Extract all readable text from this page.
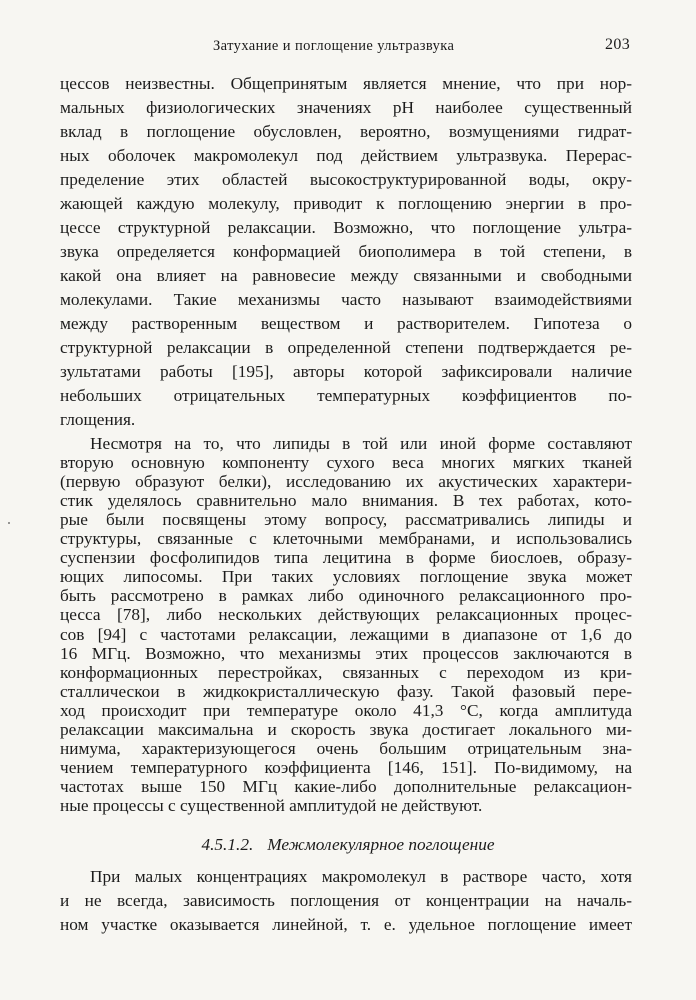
Затухание и поглощение ультразвука	203
цессов неизвестны. Общепринятым является мнение, что при нор-
мальных физиологических значениях pH наиболее существенный
вклад в поглощение обусловлен, вероятно, возмущениями гидрат-
ных оболочек макромолекул под действием ультразвука. Перерас-
пределение этих областей высокоструктурированной воды, окру-
жающей каждую молекулу, приводит к поглощению энергии в про-
цессе структурной релаксации. Возможно, что поглощение ультра-
звука определяется конформацией биополимера в той степени, в
какой она влияет на равновесие между связанными и свободными
молекулами. Такие механизмы часто называют взаимодействиями
между растворенным веществом и растворителем. Гипотеза о
структурной релаксации в определенной степени подтверждается ре-
зультатами работы [195], авторы которой зафиксировали наличие
небольших отрицательных температурных коэффициентов по-
глощения.
Несмотря на то, что липиды в той или иной форме составляют
вторую основную компоненту сухого веса многих мягких тканей
(первую образуют белки), исследованию их акустических характери-
стик уделялось сравнительно мало внимания. В тех работах, кото-
рые были посвящены этому вопросу, рассматривались липиды и
структуры, связанные с клеточными мембранами, и использовались
суспензии фосфолипидов типа лецитина в форме биослоев, образу-
ющих липосомы. При таких условиях поглощение звука может
быть рассмотрено в рамках либо одиночного релаксационного про-
цесса [78], либо нескольких действующих релаксационных процес-
сов [94] с частотами релаксации, лежащими в диапазоне от 1,6 до
16 МГц. Возможно, что механизмы этих процессов заключаются в
конформационных перестройках, связанных с переходом из кри-
сталлическои в жидкокристаллическую фазу. Такой фазовый пере-
ход происходит при температуре около 41,3 °С, когда амплитуда
релаксации максимальна и скорость звука достигает локального ми-
нимума, характеризующегося очень большим отрицательным зна-
чением температурного коэффициента [146, 151]. По-видимому, на
частотах выше 150 МГц какие-либо дополнительные релаксацион-
ные процессы с существенной амплитудой не действуют.
4.5.1.2. Межмолекулярное поглощение
При малых концентрациях макромолекул в растворе часто, хотя
и не всегда, зависимость поглощения от концентрации на началь-
ном участке оказывается линейной, т. е. удельное поглощение имеет
